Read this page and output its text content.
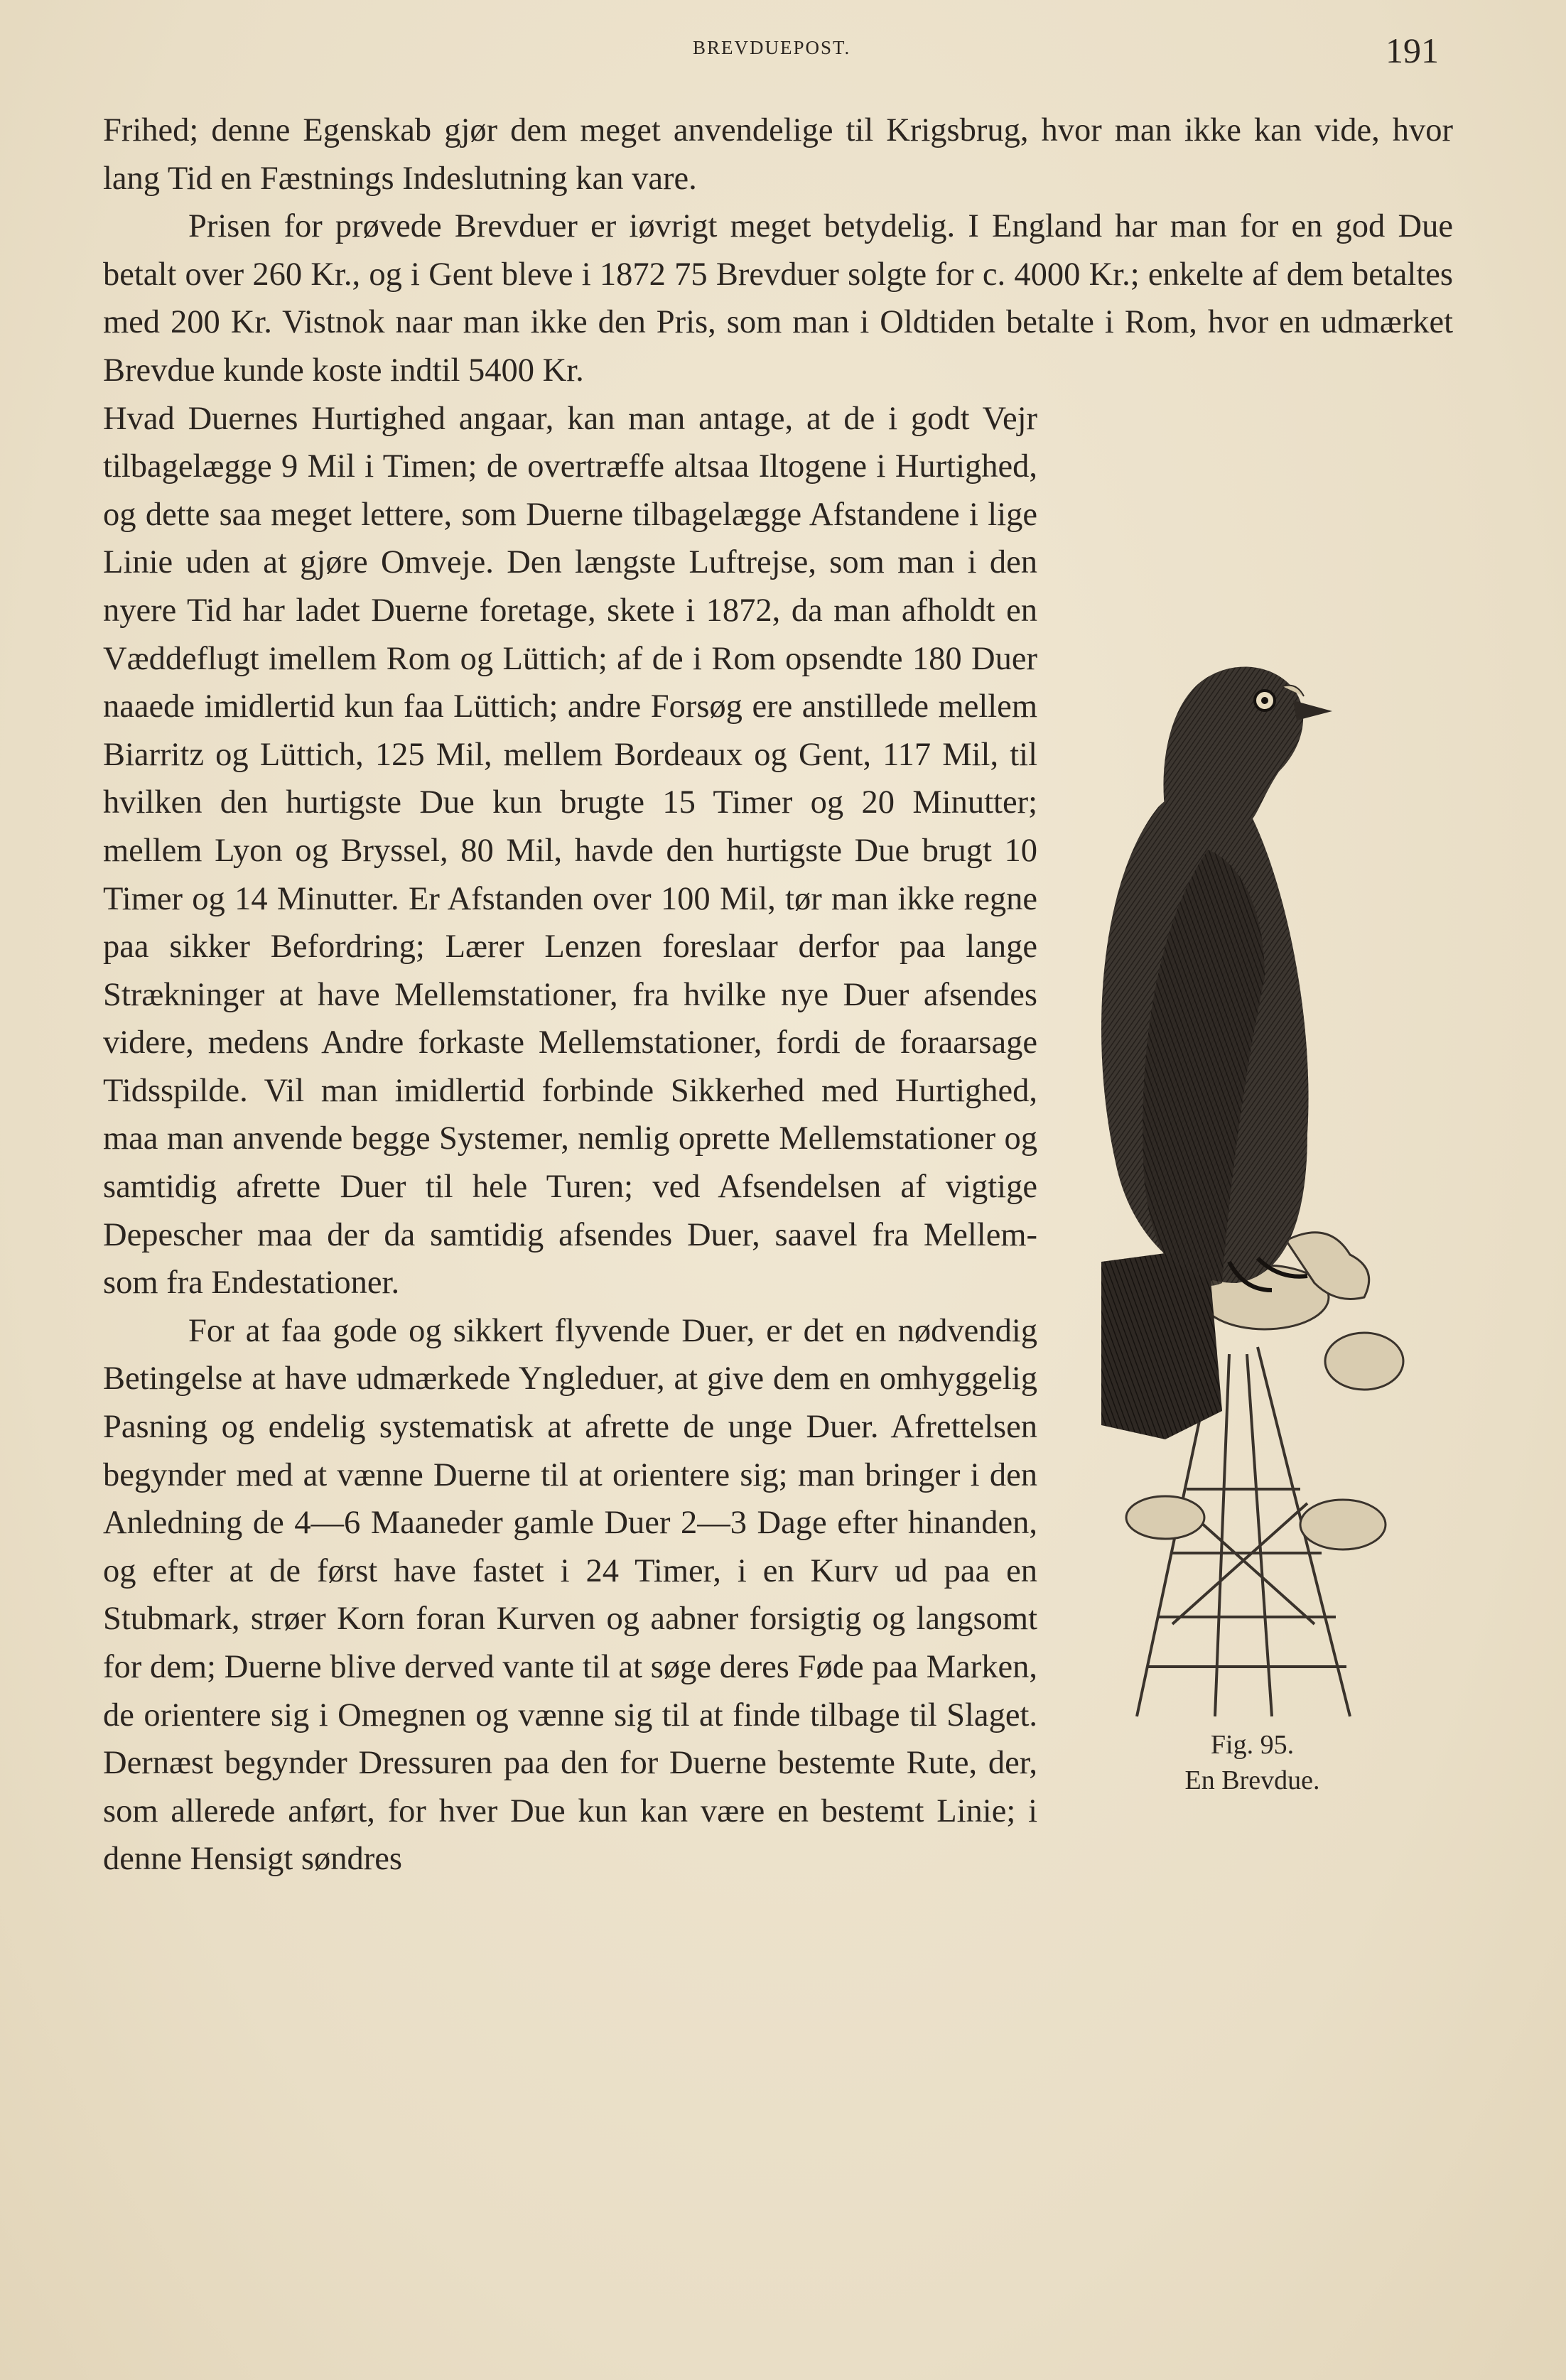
BREVDUEPOST.	191

Frihed; denne Egenskab gjør dem meget anvendelige til Krigsbrug, hvor man ikke kan vide, hvor lang Tid en Fæstnings Indeslutning kan vare.

Prisen for prøvede Brevduer er iøvrigt meget betydelig. I England har man for en god Due betalt over 260 Kr., og i Gent bleve i 1872 75 Brevduer solgte for c. 4000 Kr.; enkelte af dem betaltes med 200 Kr. Vistnok naar man ikke den Pris, som man i Oldtiden betalte i Rom, hvor en udmærket Brevdue kunde koste indtil 5400 Kr.

Fig. 95.
En Brevdue.

Hvad Duernes Hurtighed angaar, kan man antage, at de i godt Vejr tilbagelægge 9 Mil i Timen; de overtræffe altsaa Iltogene i Hurtighed, og dette saa meget lettere, som Duerne tilbagelægge Afstandene i lige Linie uden at gjøre Omveje. Den længste Luftrejse, som man i den nyere Tid har ladet Duerne foretage, skete i 1872, da man afholdt en Væddeflugt imellem Rom og Lüttich; af de i Rom opsendte 180 Duer naaede imidlertid kun faa Lüttich; andre Forsøg ere anstillede mellem Biarritz og Lüttich, 125 Mil, mellem Bordeaux og Gent, 117 Mil, til hvilken den hurtigste Due kun brugte 15 Timer og 20 Minutter; mellem Lyon og Bryssel, 80 Mil, havde den hurtigste Due brugt 10 Timer og 14 Minutter. Er Afstanden over 100 Mil, tør man ikke regne paa sikker Befordring; Lærer Lenzen foreslaar derfor paa lange Strækninger at have Mellemstationer, fra hvilke nye Duer afsendes videre, medens Andre forkaste Mellemstationer, fordi de foraarsage Tidsspilde. Vil man imidlertid forbinde Sikkerhed med Hurtighed, maa man anvende begge Systemer, nemlig oprette Mellemstationer og samtidig afrette Duer til hele Turen; ved Afsendelsen af vigtige Depescher maa der da samtidig afsendes Duer, saavel fra Mellem- som fra Endestationer.

For at faa gode og sikkert flyvende Duer, er det en nødvendig Betingelse at have udmærkede Yngleduer, at give dem en omhyggelig Pasning og endelig systematisk at afrette de unge Duer. Afrettelsen begynder med at vænne Duerne til at orientere sig; man bringer i den Anledning de 4—6 Maaneder gamle Duer 2—3 Dage efter hinanden, og efter at de først have fastet i 24 Timer, i en Kurv ud paa en Stubmark, strøer Korn foran Kurven og aabner forsigtig og langsomt for dem; Duerne blive derved vante til at søge deres Føde paa Marken, de orientere sig i Omegnen og vænne sig til at finde tilbage til Slaget. Dernæst begynder Dressuren paa den for Duerne bestemte Rute, der, som allerede anført, for hver Due kun kan være en bestemt Linie; i denne Hensigt søndres
